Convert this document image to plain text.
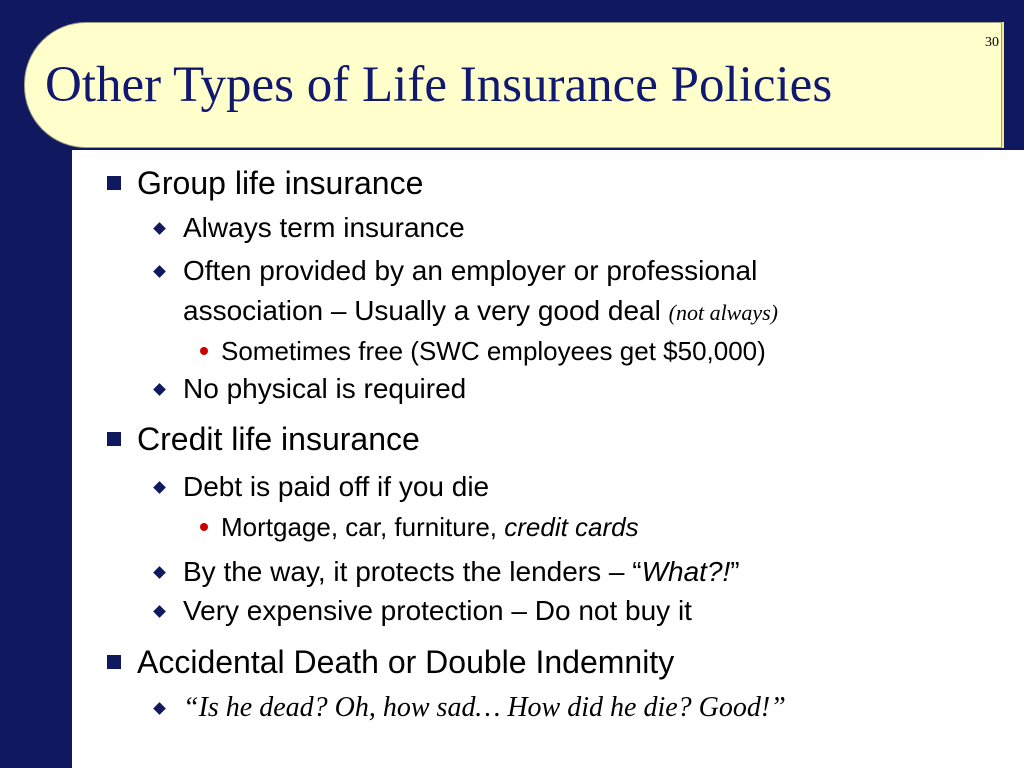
Other Types of Life Insurance Policies
30
Group life insurance
Always term insurance
Often provided by an employer or professional
association – Usually a very good deal (not always)
Sometimes free (SWC employees get $50,000)
No physical is required
Credit life insurance
Debt is paid off if you die
Mortgage, car, furniture, credit cards
By the way, it protects the lenders – “What?!”
Very expensive protection – Do not buy it
Accidental Death or Double Indemnity
“Is he dead? Oh, how sad… How did he die? Good!”
